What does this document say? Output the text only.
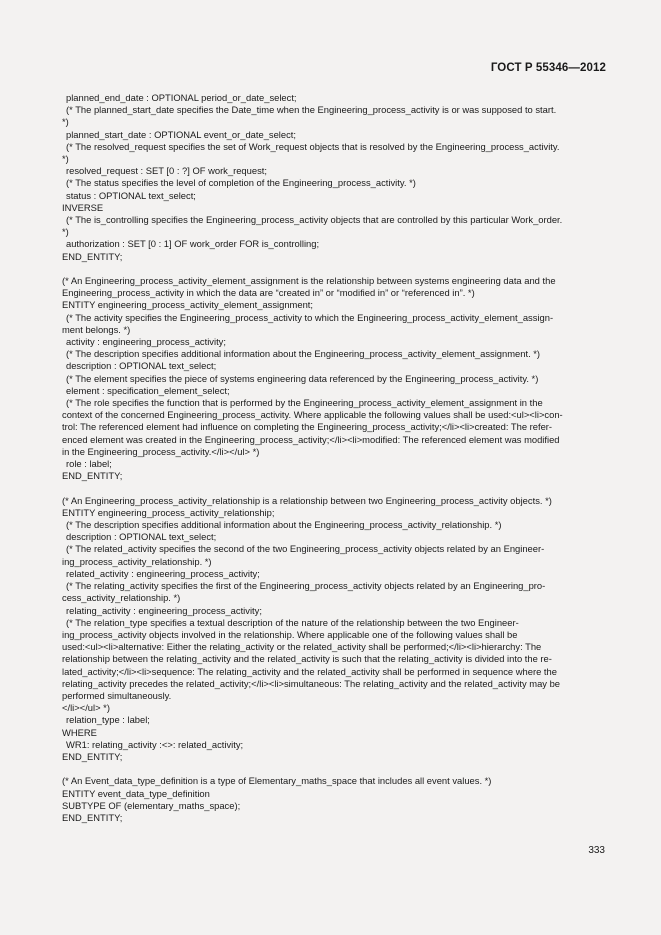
ГОСТ Р 55346—2012
planned_end_date : OPTIONAL period_or_date_select;
(* The planned_start_date specifies the Date_time when the Engineering_process_activity is or was supposed to start.
*)
planned_start_date : OPTIONAL event_or_date_select;
(* The resolved_request specifies the set of Work_request objects that is resolved by the Engineering_process_activity.
*)
resolved_request : SET [0 : ?] OF work_request;
(* The status specifies the level of completion of the Engineering_process_activity. *)
status : OPTIONAL text_select;
INVERSE
(* The is_controlling specifies the Engineering_process_activity objects that are controlled by this particular Work_order.
*)
authorization : SET [0 : 1] OF work_order FOR is_controlling;
END_ENTITY;
(* An Engineering_process_activity_element_assignment is the relationship between systems engineering data and the
Engineering_process_activity in which the data are “created in” or “modified in” or “referenced in”. *)
ENTITY engineering_process_activity_element_assignment;
(* The activity specifies the Engineering_process_activity to which the Engineering_process_activity_element_assign-
ment belongs. *)
activity : engineering_process_activity;
(* The description specifies additional information about the Engineering_process_activity_element_assignment. *)
description : OPTIONAL text_select;
(* The element specifies the piece of systems engineering data referenced by the Engineering_process_activity. *)
element : specification_element_select;
(* The role specifies the function that is performed by the Engineering_process_activity_element_assignment in the
context of the concerned Engineering_process_activity. Where applicable the following values shall be used:<ul><li>con-
trol: The referenced element had influence on completing the Engineering_process_activity;</li><li>created: The refer-
enced element was created in the Engineering_process_activity;</li><li>modified: The referenced element was modified
in the Engineering_process_activity.</li></ul> *)
role : label;
END_ENTITY;
(* An Engineering_process_activity_relationship is a relationship between two Engineering_process_activity objects. *)
ENTITY engineering_process_activity_relationship;
(* The description specifies additional information about the Engineering_process_activity_relationship. *)
description : OPTIONAL text_select;
(* The related_activity specifies the second of the two Engineering_process_activity objects related by an Engineer-
ing_process_activity_relationship. *)
related_activity : engineering_process_activity;
(* The relating_activity specifies the first of the Engineering_process_activity objects related by an Engineering_pro-
cess_activity_relationship. *)
relating_activity : engineering_process_activity;
(* The relation_type specifies a textual description of the nature of the relationship between the two Engineer-
ing_process_activity objects involved in the relationship. Where applicable one of the following values shall be
used:<ul><li>alternative: Either the relating_activity or the related_activity shall be performed;</li><li>hierarchy: The
relationship between the relating_activity and the related_activity is such that the relating_activity is divided into the re-
lated_activity;</li><li>sequence: The relating_activity and the related_activity shall be performed in sequence where the
relating_activity precedes the related_activity;</li><li>simultaneous: The relating_activity and the related_activity may be
performed simultaneously.
</li></ul> *)
relation_type : label;
WHERE
WR1: relating_activity :<>: related_activity;
END_ENTITY;
(* An Event_data_type_definition is a type of Elementary_maths_space that includes all event values. *)
ENTITY event_data_type_definition
SUBTYPE OF (elementary_maths_space);
END_ENTITY;
333
